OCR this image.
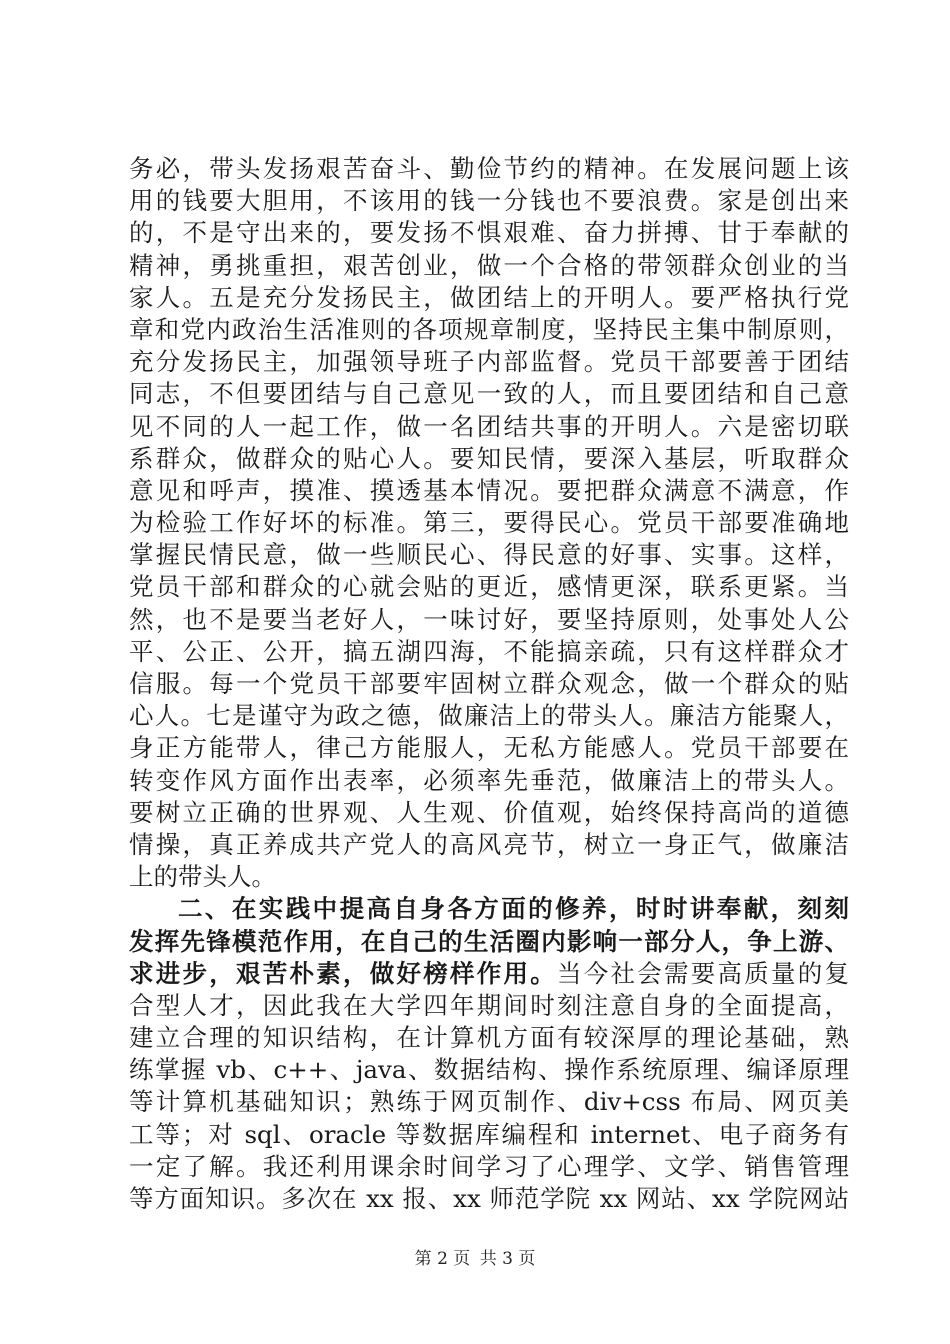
务必，带头发扬艰苦奋斗、勤俭节约的精神。在发展问题上该
用的钱要大胆用，不该用的钱一分钱也不要浪费。家是创出来
的，不是守出来的，要发扬不惧艰难、奋力拼搏、甘于奉献的
精神，勇挑重担，艰苦创业，做一个合格的带领群众创业的当
家人。五是充分发扬民主，做团结上的开明人。要严格执行党
章和党内政治生活准则的各项规章制度，坚持民主集中制原则，
充分发扬民主，加强领导班子内部监督。党员干部要善于团结
同志，不但要团结与自己意见一致的人，而且要团结和自己意
见不同的人一起工作，做一名团结共事的开明人。六是密切联
系群众，做群众的贴心人。要知民情，要深入基层，听取群众
意见和呼声，摸准、摸透基本情况。要把群众满意不满意，作
为检验工作好坏的标准。第三，要得民心。党员干部要准确地
掌握民情民意，做一些顺民心、得民意的好事、实事。这样，
党员干部和群众的心就会贴的更近，感情更深，联系更紧。当
然，也不是要当老好人，一味讨好，要坚持原则，处事处人公
平、公正、公开，搞五湖四海，不能搞亲疏，只有这样群众才
信服。每一个党员干部要牢固树立群众观念，做一个群众的贴
心人。七是谨守为政之德，做廉洁上的带头人。廉洁方能聚人，
身正方能带人，律己方能服人，无私方能感人。党员干部要在
转变作风方面作出表率，必须率先垂范，做廉洁上的带头人。
要树立正确的世界观、人生观、价值观，始终保持高尚的道德
情操，真正养成共产党人的高风亮节，树立一身正气，做廉洁
上的带头人。
二、在实践中提高自身各方面的修养，时时讲奉献，刻刻
发挥先锋模范作用，在自己的生活圈内影响一部分人，争上游、
求进步，艰苦朴素，做好榜样作用。当今社会需要高质量的复
合型人才，因此我在大学四年期间时刻注意自身的全面提高，
建立合理的知识结构，在计算机方面有较深厚的理论基础，熟
练掌握 vb、c++、java、数据结构、操作系统原理、编译原理
等计算机基础知识；熟练于网页制作、div+css 布局、网页美
工等；对 sql、oracle 等数据库编程和 internet、电子商务有
一定了解。我还利用课余时间学习了心理学、文学、销售管理
等方面知识。多次在 xx 报、xx 师范学院 xx 网站、xx 学院网站
第 2 页 共 3 页
